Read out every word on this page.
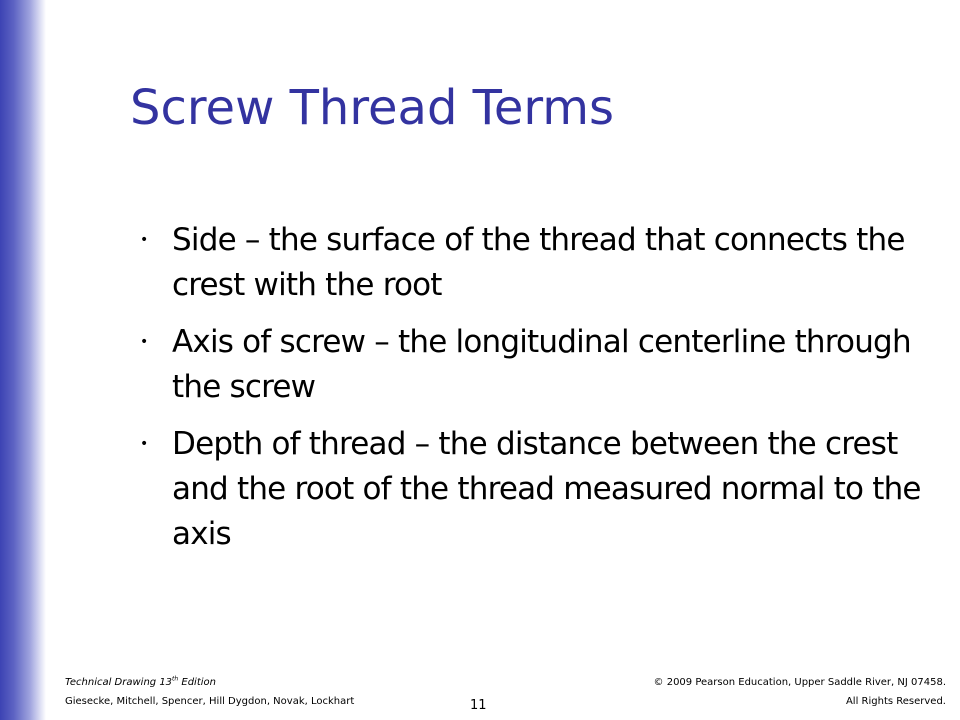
Screw Thread Terms
• Side – the surface of the thread that connects the crest with the root
• Axis of screw – the longitudinal centerline through the screw
• Depth of thread – the distance between the crest and the root of the thread measured normal to the axis
Technical Drawing 13th Edition
Giesecke, Mitchell, Spencer, Hill Dygdon, Novak, Lockhart	11
© 2009 Pearson Education, Upper Saddle River, NJ 07458.
All Rights Reserved.
